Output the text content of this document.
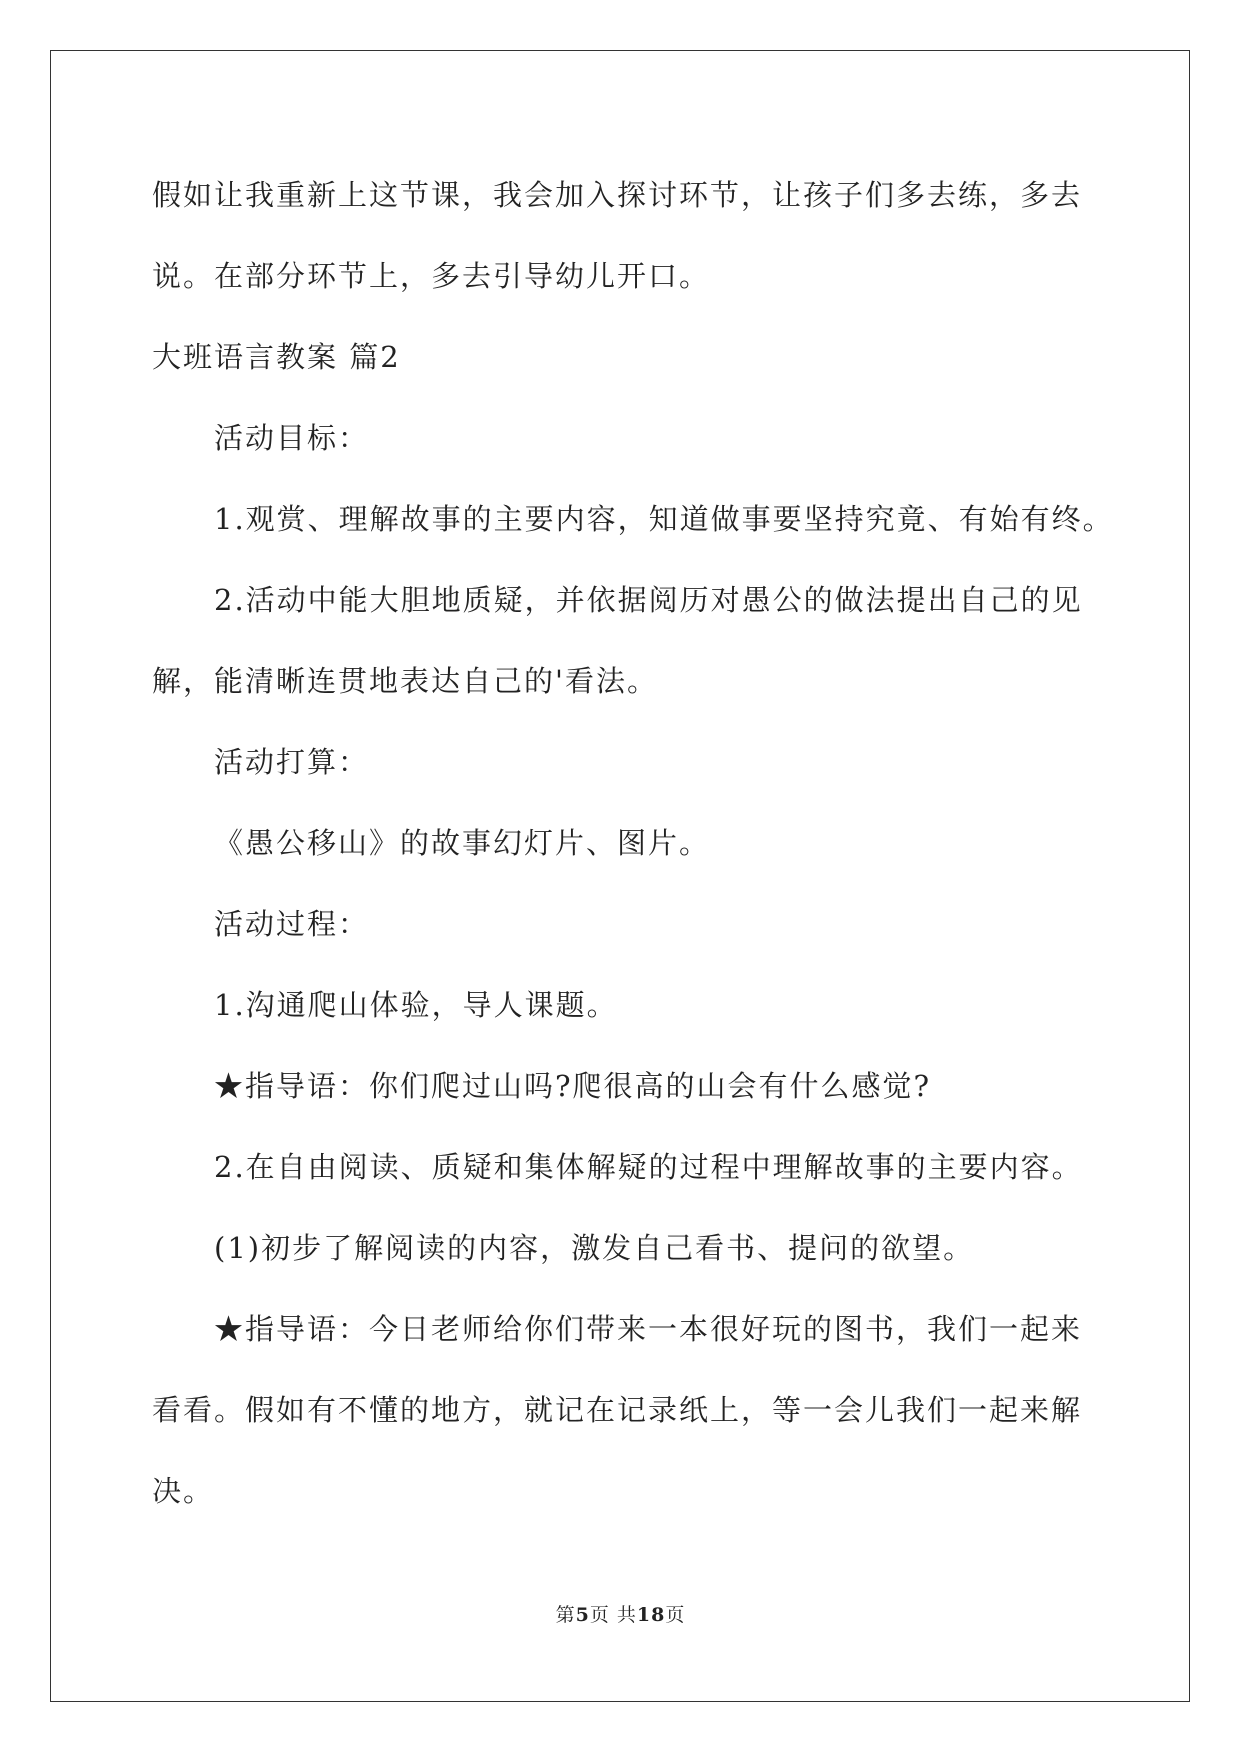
假如让我重新上这节课，我会加入探讨环节，让孩子们多去练，多去
说。在部分环节上，多去引导幼儿开口。
大班语言教案 篇2
活动目标：
1.观赏、理解故事的主要内容，知道做事要坚持究竟、有始有终。
2.活动中能大胆地质疑，并依据阅历对愚公的做法提出自己的见
解，能清晰连贯地表达自己的'看法。
活动打算：
《愚公移山》的故事幻灯片、图片。
活动过程：
1.沟通爬山体验，导人课题。
★指导语：你们爬过山吗?爬很高的山会有什么感觉?
2.在自由阅读、质疑和集体解疑的过程中理解故事的主要内容。
(1)初步了解阅读的内容，激发自己看书、提问的欲望。
★指导语：今日老师给你们带来一本很好玩的图书，我们一起来
看看。假如有不懂的地方，就记在记录纸上，等一会儿我们一起来解
决。
第5页 共18页
